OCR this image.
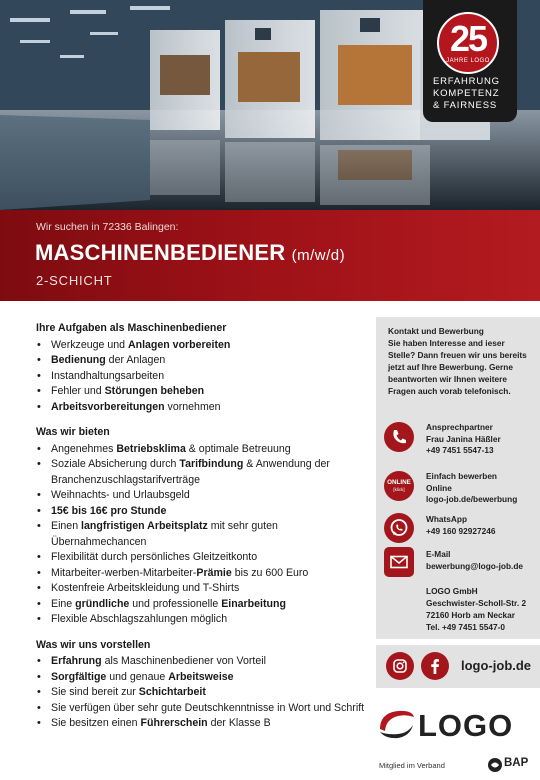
25
JAHRE LOGO
ERFAHRUNG
KOMPETENZ
& FAIRNESS
Wir suchen in 72336 Balingen:
MASCHINENBEDIENER (m/w/d)
2-SCHICHT
Ihre Aufgaben als Maschinenbediener
• Werkzeuge und Anlagen vorbereiten
• Bedienung der Anlagen
• Instandhaltungsarbeiten
• Fehler und Störungen beheben
• Arbeitsvorbereitungen vornehmen
Was wir bieten
• Angenehmes Betriebsklima & optimale Betreuung
• Soziale Absicherung durch Tarifbindung & Anwendung der Branchenzuschlagstarifverträge
• Weihnachts- und Urlaubsgeld
• 15€ bis 16€ pro Stunde
• Einen langfristigen Arbeitsplatz mit sehr guten Übernahmechancen
• Flexibilität durch persönliches Gleitzeitkonto
• Mitarbeiter-werben-Mitarbeiter-Prämie bis zu 600 Euro
• Kostenfreie Arbeitskleidung und T-Shirts
• Eine gründliche und professionelle Einarbeitung
• Flexible Abschlagszahlungen möglich
Was wir uns vorstellen
• Erfahrung als Maschinenbediener von Vorteil
• Sorgfältige und genaue Arbeitsweise
• Sie sind bereit zur Schichtarbeit
• Sie verfügen über sehr gute Deutschkenntnisse in Wort und Schrift
• Sie besitzen einen Führerschein der Klasse B
Kontakt und Bewerbung
Sie haben Interesse and ieser Stelle? Dann freuen wir uns bereits jetzt auf Ihre Bewerbung. Gerne beantworten wir Ihnen weitere Fragen auch vorab telefonisch.
Ansprechpartner
Frau Janina Häßler
+49 7451 5547-13
ONLINE
[klick]
Einfach bewerben
Online
logo-job.de/bewerbung
WhatsApp
+49 160 92927246
E-Mail
bewerbung@logo-job.de
LOGO GmbH
Geschwister-Scholl-Str. 2
72160 Horb am Neckar
Tel. +49 7451 5547-0
logo-job.de
LOGO
Mitglied im Verband	BAP
